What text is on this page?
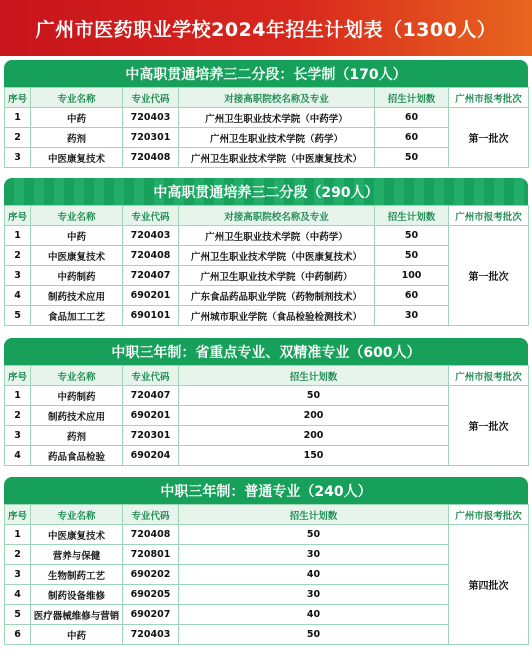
广州市医药职业学校2024年招生计划表（1300人）
中高职贯通培养三二分段：长学制（170人）
序号	专业名称	专业代码	对接高职院校名称及专业	招生计划数	广州市报考批次
1	中药	720403	广州卫生职业技术学院（中药学）	60	第一批次
2	药剂	720301	广州卫生职业技术学院（药学）	60	
3	中医康复技术	720408	广州卫生职业技术学院（中医康复技术）	50	
中高职贯通培养三二分段（290人）
序号	专业名称	专业代码	对接高职院校名称及专业	招生计划数	广州市报考批次
1	中药	720403	广州卫生职业技术学院（中药学）	50	第一批次
2	中医康复技术	720408	广州卫生职业技术学院（中医康复技术）	50	
3	中药制药	720407	广州卫生职业技术学院（中药制药）	100	
4	制药技术应用	690201	广东食品药品职业学院（药物制剂技术）	60	
5	食品加工工艺	690101	广州城市职业学院（食品检验检测技术）	30	
中职三年制：省重点专业、双精准专业（600人）
序号	专业名称	专业代码	招生计划数	广州市报考批次
1	中药制药	720407	50	第一批次
2	制药技术应用	690201	200	
3	药剂	720301	200	
4	药品食品检验	690204	150	
中职三年制：普通专业（240人）
序号	专业名称	专业代码	招生计划数	广州市报考批次
1	中医康复技术	720408	50	第四批次
2	营养与保健	720801	30	
3	生物制药工艺	690202	40	
4	制药设备维修	690205	30	
5	医疗器械维修与营销	690207	40	
6	中药	720403	50	
